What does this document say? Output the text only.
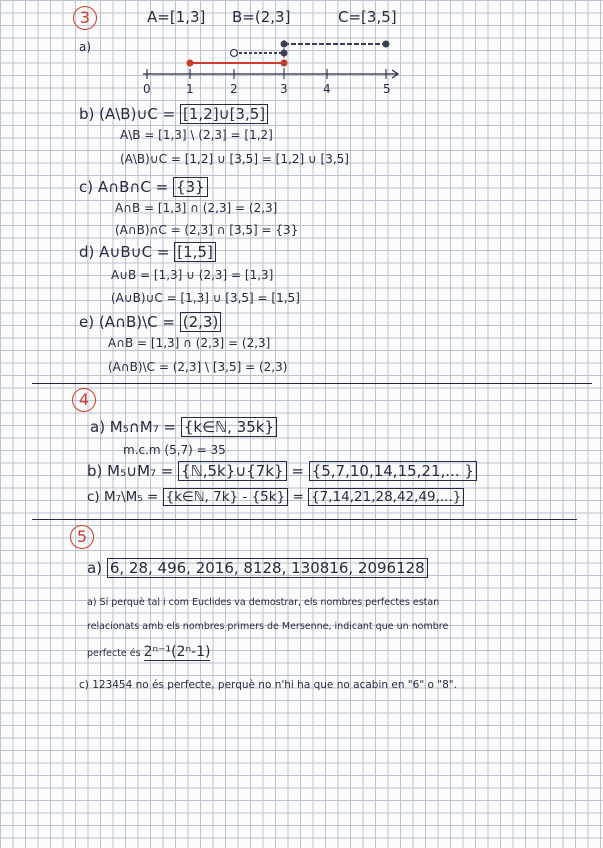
3	A=[1,3] B=(2,3]	C=[3,5]
a)
0	1	2	3	4	5
b) (A\B)∪C = [1,2]∪[3,5]
A\B = [1,3] \ (2,3] = [1,2]
(A\B)∪C = [1,2] ∪ [3,5] = [1,2] ∪ [3,5]
c) A∩B∩C = {3}
A∩B = [1,3] ∩ (2,3] = (2,3]
(A∩B)∩C = (2,3] ∩ [3,5] = {3}
d) A∪B∪C = [1,5]
A∪B = [1,3] ∪ (2,3] = [1,3]
(A∪B)∪C = [1,3] ∪ [3,5] = [1,5]
e) (A∩B)\C = (2,3)
A∩B = [1,3] ∩ (2,3] = (2,3]
(A∩B)\C = (2,3] \ [3,5] = (2,3)
4
a) M₅∩M₇ = {k∈ℕ, 35k}
m.c.m (5,7) = 35
b) M₅∪M₇ = {ℕ,5k}∪{7k} = {5,7,10,14,15,21,... }
c) M₇\M₅ = {k∈ℕ, 7k} - {5k} = {7,14,21,28,42,49,...}
5
a) 6, 28, 496, 2016, 8128, 130816, 2096128
a) Sí perquè tal i com Euclides va demostrar, els nombres perfectes estan
relacionats amb els nombres primers de Mersenne, indicant que un nombre
perfecte és 2ⁿ⁻¹(2ⁿ-1)
c) 123454 no és perfecte, perquè no n'hi ha que no acabin en "6" o "8".
